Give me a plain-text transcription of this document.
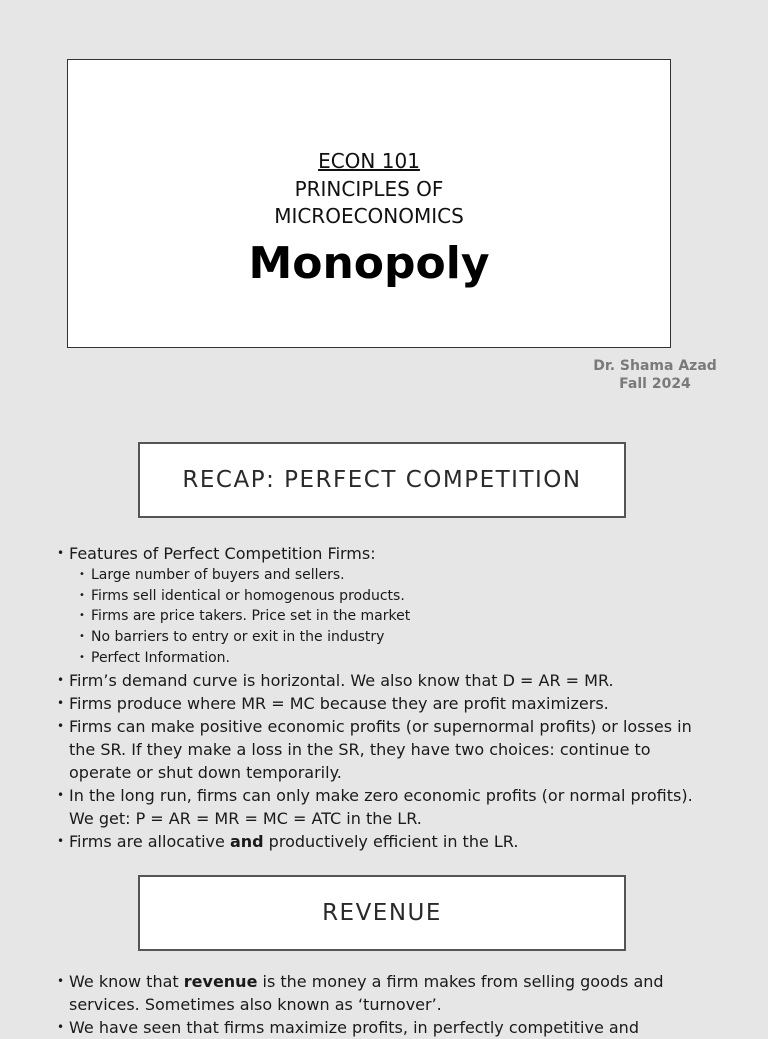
ECON 101
PRINCIPLES OF
MICROECONOMICS
Monopoly
Dr. Shama Azad
Fall 2024
RECAP: PERFECT COMPETITION
• Features of Perfect Competition Firms:
• Large number of buyers and sellers.
• Firms sell identical or homogenous products.
• Firms are price takers. Price set in the market
• No barriers to entry or exit in the industry
• Perfect Information.
• Firm’s demand curve is horizontal. We also know that D = AR = MR.
• Firms produce where MR = MC because they are profit maximizers.
• Firms can make positive economic profits (or supernormal profits) or losses in the SR. If they make a loss in the SR, they have two choices: continue to operate or shut down temporarily.
• In the long run, firms can only make zero economic profits (or normal profits). We get: P = AR = MR = MC = ATC in the LR.
• Firms are allocative and productively efficient in the LR.
REVENUE
• We know that revenue is the money a firm makes from selling goods and services. Sometimes also known as ‘turnover’.
• We have seen that firms maximize profits, in perfectly competitive and
